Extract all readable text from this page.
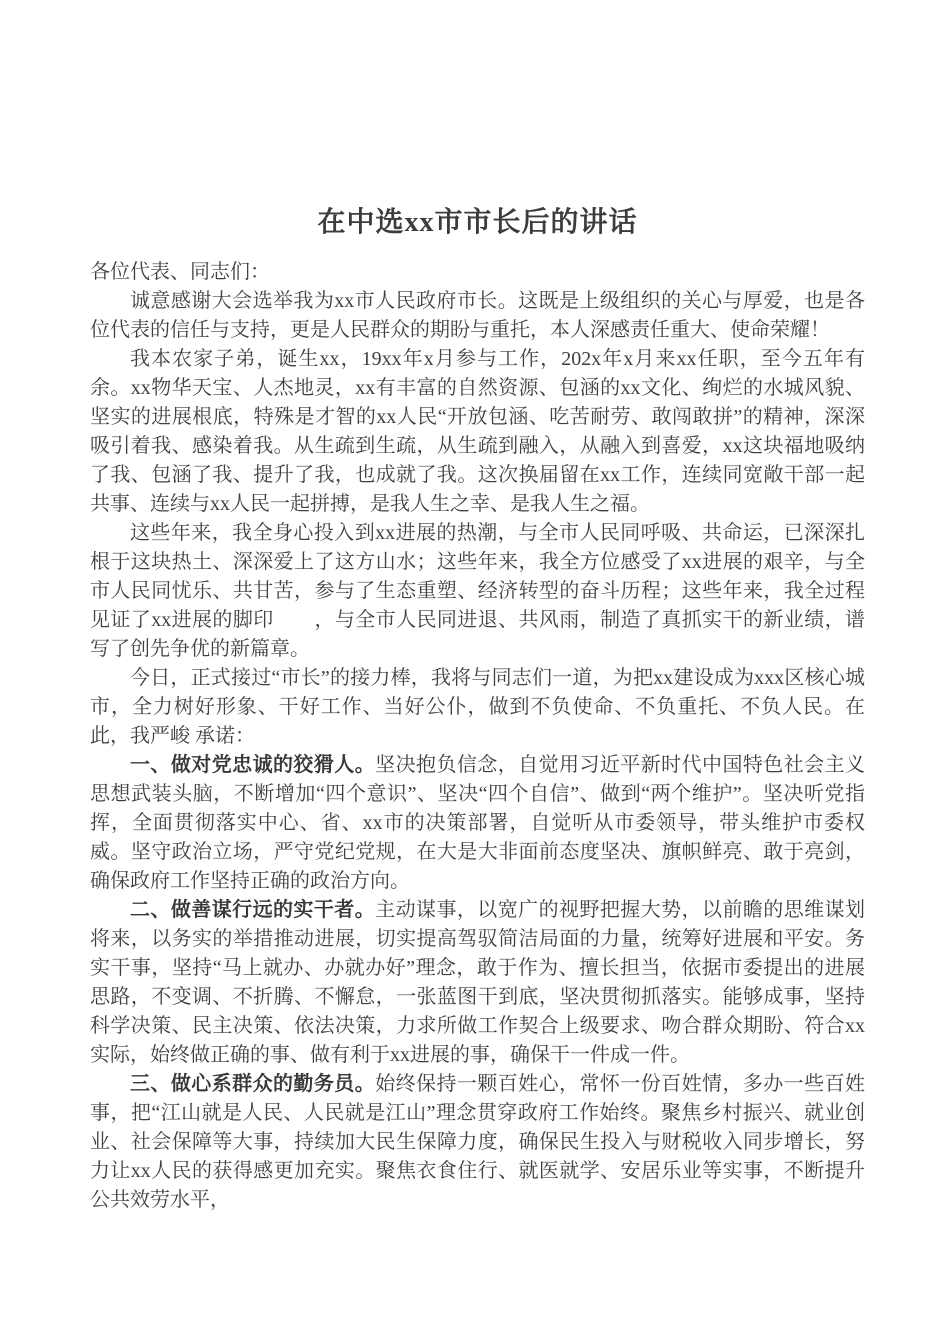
在中选xx市市长后的讲话

各位代表、同志们：

诚意感谢大会选举我为xx市人民政府市长。这既是上级组织的关心与厚爱，也是各位代表的信任与支持，更是人民群众的期盼与重托，本人深感责任重大、使命荣耀！

我本农家子弟，诞生xx，19xx年x月参与工作，202x年x月来xx任职，至今五年有余。xx物华天宝、人杰地灵，xx有丰富的自然资源、包涵的xx文化、绚烂的水城风貌、坚实的进展根底，特殊是才智的xx人民“开放包涵、吃苦耐劳、敢闯敢拼”的精神，深深吸引着我、感染着我。从生疏到生疏，从生疏到融入，从融入到喜爱，xx这块福地吸纳了我、包涵了我、提升了我，也成就了我。这次换届留在xx工作，连续同宽敞干部一起共事、连续与xx人民一起拼搏，是我人生之幸、是我人生之福。

这些年来，我全身心投入到xx进展的热潮，与全市人民同呼吸、共命运，已深深扎根于这块热土、深深爱上了这方山水；这些年来，我全方位感受了xx进展的艰辛，与全市人民同忧乐、共甘苦，参与了生态重塑、经济转型的奋斗历程；这些年来，我全过程见证了xx进展的脚印　　，与全市人民同进退、共风雨，制造了真抓实干的新业绩，谱写了创先争优的新篇章。

今日，正式接过“市长”的接力棒，我将与同志们一道，为把xx建设成为xxx区核心城市，全力树好形象、干好工作、当好公仆，做到不负使命、不负重托、不负人民。在此，我严峻 承诺：

一、做对党忠诚的狡猾人。坚决抱负信念，自觉用习近平新时代中国特色社会主义思想武装头脑，不断增加“四个意识”、坚决“四个自信”、做到“两个维护”。坚决听党指挥，全面贯彻落实中心、省、xx市的决策部署，自觉听从市委领导，带头维护市委权威。坚守政治立场，严守党纪党规，在大是大非面前态度坚决、旗帜鲜亮、敢于亮剑，确保政府工作坚持正确的政治方向。

二、做善谋行远的实干者。主动谋事，以宽广的视野把握大势，以前瞻的思维谋划将来，以务实的举措推动进展，切实提高驾驭简洁局面的力量，统筹好进展和平安。务实干事，坚持“马上就办、办就办好”理念，敢于作为、擅长担当，依据市委提出的进展思路，不变调、不折腾、不懈怠，一张蓝图干到底，坚决贯彻抓落实。能够成事，坚持科学决策、民主决策、依法决策，力求所做工作契合上级要求、吻合群众期盼、符合xx实际，始终做正确的事、做有利于xx进展的事，确保干一件成一件。

三、做心系群众的勤务员。始终保持一颗百姓心，常怀一份百姓情，多办一些百姓事，把“江山就是人民、人民就是江山”理念贯穿政府工作始终。聚焦乡村振兴、就业创业、社会保障等大事，持续加大民生保障力度，确保民生投入与财税收入同步增长，努力让xx人民的获得感更加充实。聚焦衣食住行、就医就学、安居乐业等实事，不断提升公共效劳水平，
